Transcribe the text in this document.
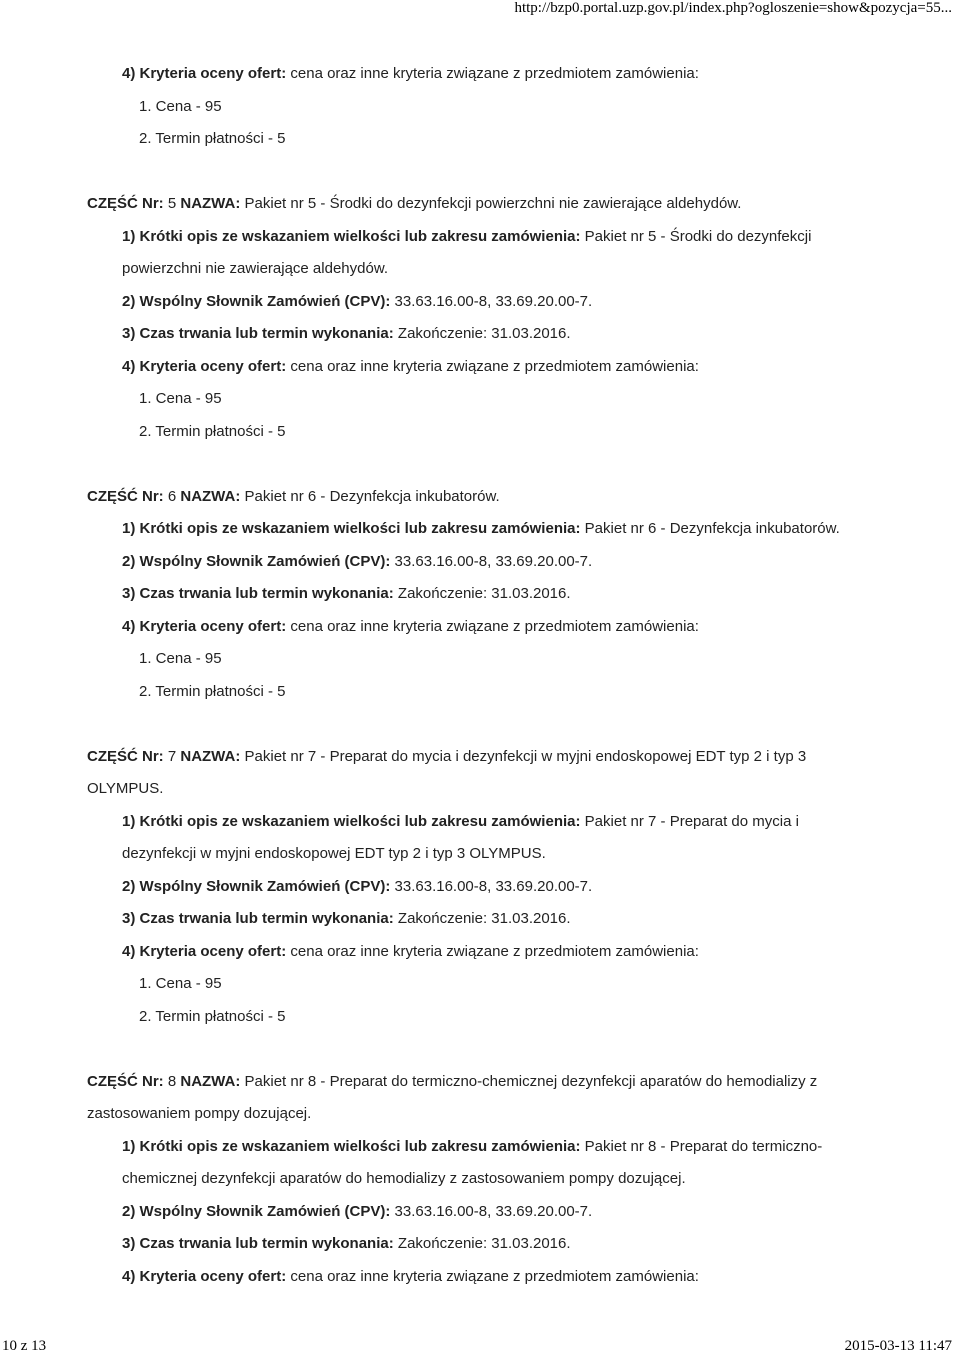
http://bzp0.portal.uzp.gov.pl/index.php?ogloszenie=show&pozycja=55...

4) Kryteria oceny ofert: cena oraz inne kryteria związane z przedmiotem zamówienia:

1. Cena - 95

2. Termin płatności - 5

CZĘŚĆ Nr: 5 NAZWA: Pakiet nr 5 - Środki do dezynfekcji powierzchni nie zawierające aldehydów.

1) Krótki opis ze wskazaniem wielkości lub zakresu zamówienia: Pakiet nr 5 - Środki do dezynfekcji powierzchni nie zawierające aldehydów.

2) Wspólny Słownik Zamówień (CPV): 33.63.16.00-8, 33.69.20.00-7.

3) Czas trwania lub termin wykonania: Zakończenie: 31.03.2016.

4) Kryteria oceny ofert: cena oraz inne kryteria związane z przedmiotem zamówienia:

1. Cena - 95

2. Termin płatności - 5

CZĘŚĆ Nr: 6 NAZWA: Pakiet nr 6 - Dezynfekcja inkubatorów.

1) Krótki opis ze wskazaniem wielkości lub zakresu zamówienia: Pakiet nr 6 - Dezynfekcja inkubatorów.

2) Wspólny Słownik Zamówień (CPV): 33.63.16.00-8, 33.69.20.00-7.

3) Czas trwania lub termin wykonania: Zakończenie: 31.03.2016.

4) Kryteria oceny ofert: cena oraz inne kryteria związane z przedmiotem zamówienia:

1. Cena - 95

2. Termin płatności - 5

CZĘŚĆ Nr: 7 NAZWA: Pakiet nr 7 - Preparat do mycia i dezynfekcji w myjni endoskopowej EDT typ 2 i typ 3 OLYMPUS.

1) Krótki opis ze wskazaniem wielkości lub zakresu zamówienia: Pakiet nr 7 - Preparat do mycia i dezynfekcji w myjni endoskopowej EDT typ 2 i typ 3 OLYMPUS.

2) Wspólny Słownik Zamówień (CPV): 33.63.16.00-8, 33.69.20.00-7.

3) Czas trwania lub termin wykonania: Zakończenie: 31.03.2016.

4) Kryteria oceny ofert: cena oraz inne kryteria związane z przedmiotem zamówienia:

1. Cena - 95

2. Termin płatności - 5

CZĘŚĆ Nr: 8 NAZWA: Pakiet nr 8 - Preparat do termiczno-chemicznej dezynfekcji aparatów do hemodializy z zastosowaniem pompy dozującej.

1) Krótki opis ze wskazaniem wielkości lub zakresu zamówienia: Pakiet nr 8 - Preparat do termiczno-chemicznej dezynfekcji aparatów do hemodializy z zastosowaniem pompy dozującej.

2) Wspólny Słownik Zamówień (CPV): 33.63.16.00-8, 33.69.20.00-7.

3) Czas trwania lub termin wykonania: Zakończenie: 31.03.2016.

4) Kryteria oceny ofert: cena oraz inne kryteria związane z przedmiotem zamówienia:

10 z 13	2015-03-13 11:47
